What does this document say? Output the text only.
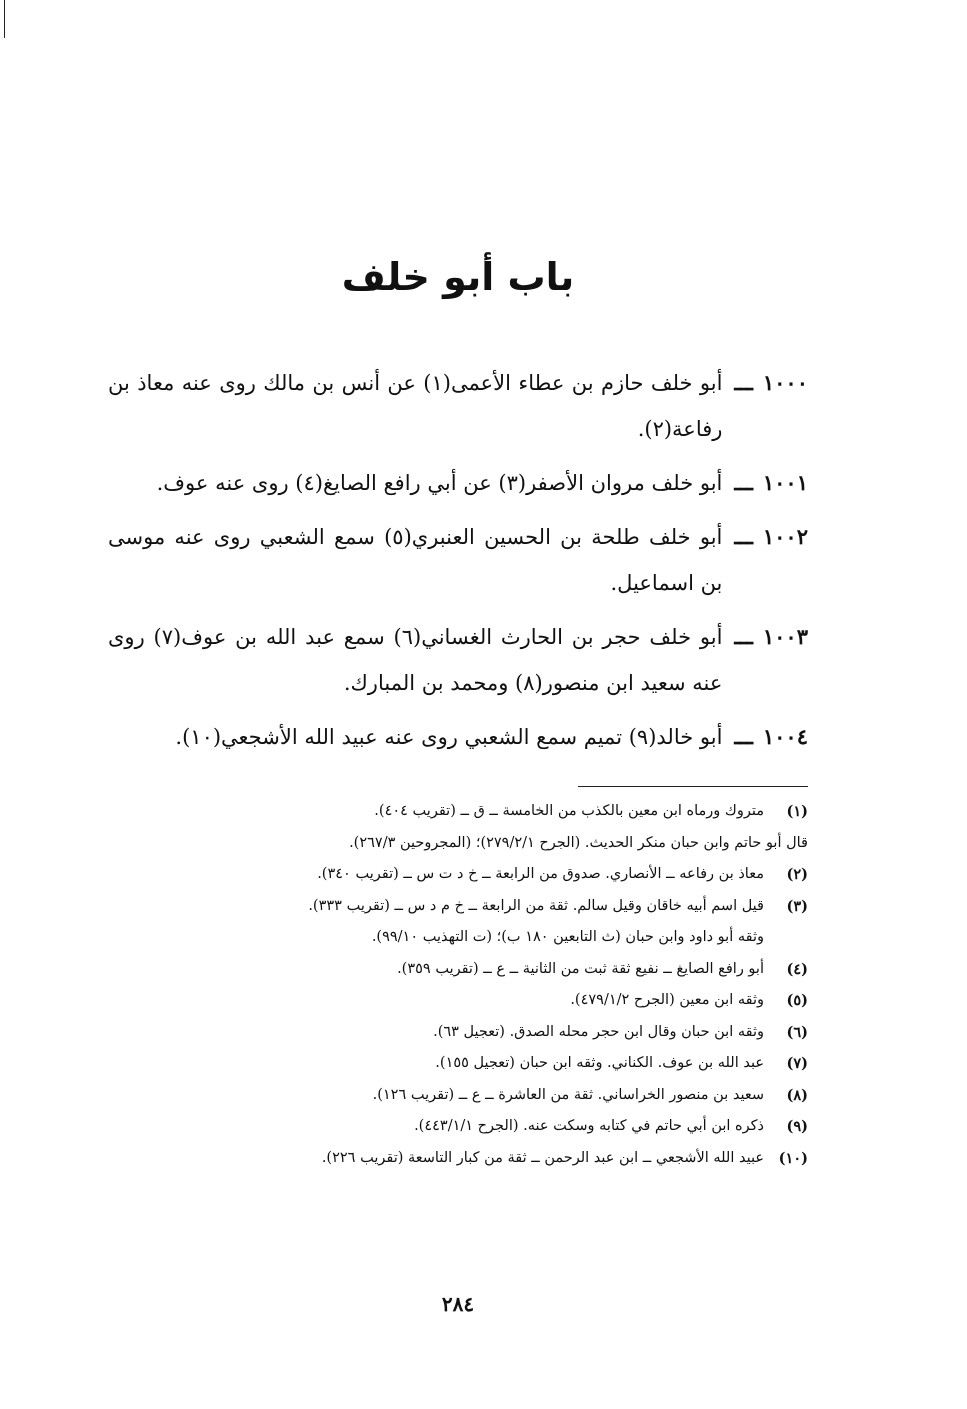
باب أبو خلف
١٠٠٠
ـــ
أبو خلف حازم بن عطاء الأعمى(١) عن أنس بن مالك روى عنه معاذ بن رفاعة(٢).
١٠٠١
ـــ
أبو خلف مروان الأصفر(٣) عن أبي رافع الصايغ(٤) روى عنه عوف.
١٠٠٢
ـــ
أبو خلف طلحة بن الحسين العنبري(٥) سمع الشعبي روى عنه موسى بن اسماعيل.
١٠٠٣
ـــ
أبو خلف حجر بن الحارث الغساني(٦) سمع عبد الله بن عوف(٧) روى عنه سعيد ابن منصور(٨) ومحمد بن المبارك.
١٠٠٤
ـــ
أبو خالد(٩) تميم سمع الشعبي روى عنه عبيد الله الأشجعي(١٠).
(١)
متروك ورماه ابن معين بالكذب من الخامسة ــ ق ــ (تقريب ٤٠٤).
قال أبو حاتم وابن حبان منكر الحديث. (الجرح ٢٧٩/٢/١)؛ (المجروحين ٢٦٧/٣).
(٢)
معاذ بن رفاعه ــ الأنصاري. صدوق من الرابعة ــ خ د ت س ــ (تقريب ٣٤٠).
(٣)
قيل اسم أبيه خاقان وقيل سالم. ثقة من الرابعة ــ خ م د س ــ (تقريب ٣٣٣).
وثقه أبو داود وابن حبان (ث التابعين ١٨٠ ب)؛ (ت التهذيب ٩٩/١٠).
(٤)
أبو رافع الصايغ ــ نفيع ثقة ثبت من الثانية ــ ع ــ (تقريب ٣٥٩).
(٥)
وثقه ابن معين (الجرح ٤٧٩/١/٢).
(٦)
وثقه ابن حبان وقال ابن حجر محله الصدق. (تعجيل ٦٣).
(٧)
عبد الله بن عوف. الكناني. وثقه ابن حبان (تعجيل ١٥٥).
(٨)
سعيد بن منصور الخراساني. ثقة من العاشرة ــ ع ــ (تقريب ١٢٦).
(٩)
ذكره ابن أبي حاتم في كتابه وسكت عنه. (الجرح ٤٤٣/١/١).
(١٠)
عبيد الله الأشجعي ــ ابن عبد الرحمن ــ ثقة من كبار التاسعة (تقريب ٢٢٦).
٢٨٤
